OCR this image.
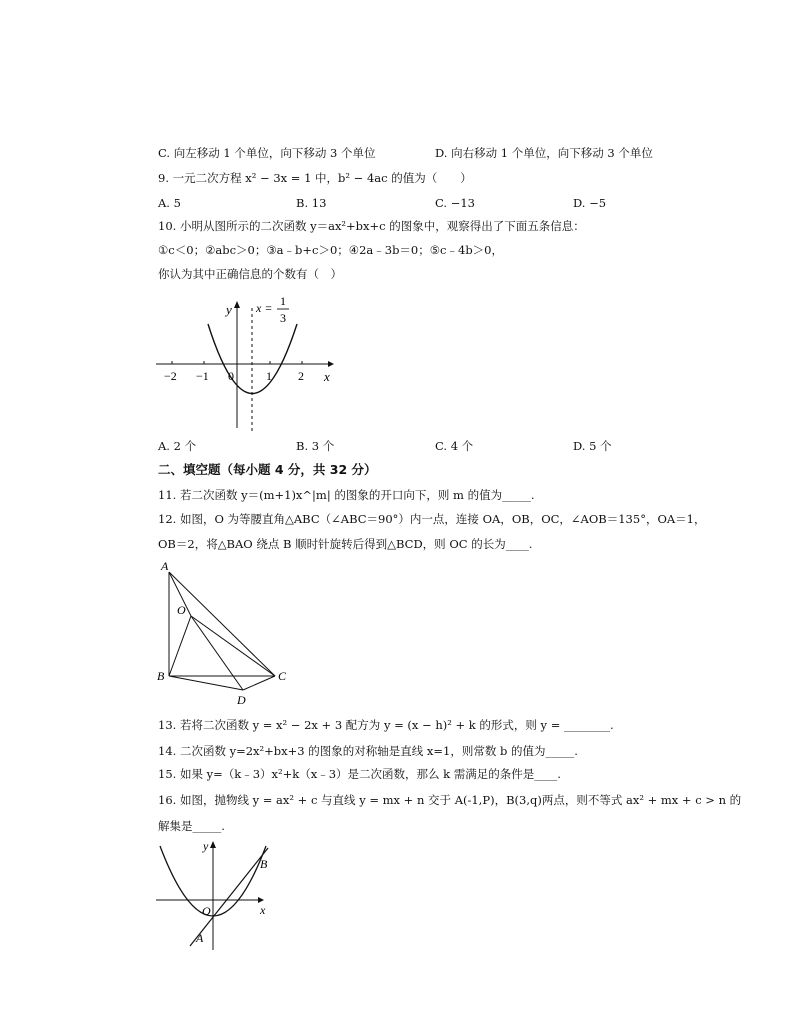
C. 向左移动 1 个单位，向下移动 3 个单位	D. 向右移动 1 个单位，向下移动 3 个单位
9. 一元二次方程 x² − 3x = 1 中，b² − 4ac 的值为（　　）
A. 5	B. 13	C. −13	D. −5
10. 小明从图所示的二次函数 y＝ax²+bx+c 的图象中，观察得出了下面五条信息：
①c＜0；②abc＞0；③a﹣b+c＞0；④2a﹣3b＝0；⑤c﹣4b＞0，
你认为其中正确信息的个数有（　）
y
x
x = 1
3
−2 −1 0	1 2
A. 2 个	B. 3 个	C. 4 个	D. 5 个
二、填空题（每小题 4 分，共 32 分）
11. 若二次函数 y＝(m+1)x^|m| 的图象的开口向下，则 m 的值为_____.
12. 如图，O 为等腰直角△ABC（∠ABC＝90°）内一点，连接 OA，OB，OC，∠AOB＝135°，OA＝1，
OB＝2，将△BAO 绕点 B 顺时针旋转后得到△BCD，则 OC 的长为____.
A
O
B	C
D
13. 若将二次函数 y = x² − 2x + 3 配方为 y = (x − h)² + k 的形式，则 y = ________.
14. 二次函数 y=2x²+bx+3 的图象的对称轴是直线 x=1，则常数 b 的值为_____.
15. 如果 y=（k﹣3）x²+k（x﹣3）是二次函数，那么 k 需满足的条件是____.
16. 如图，抛物线 y = ax² + c 与直线 y = mx + n 交于 A(-1,P)，B(3,q)两点，则不等式 ax² + mx + c > n 的
解集是_____.
y
x
O
A
B
